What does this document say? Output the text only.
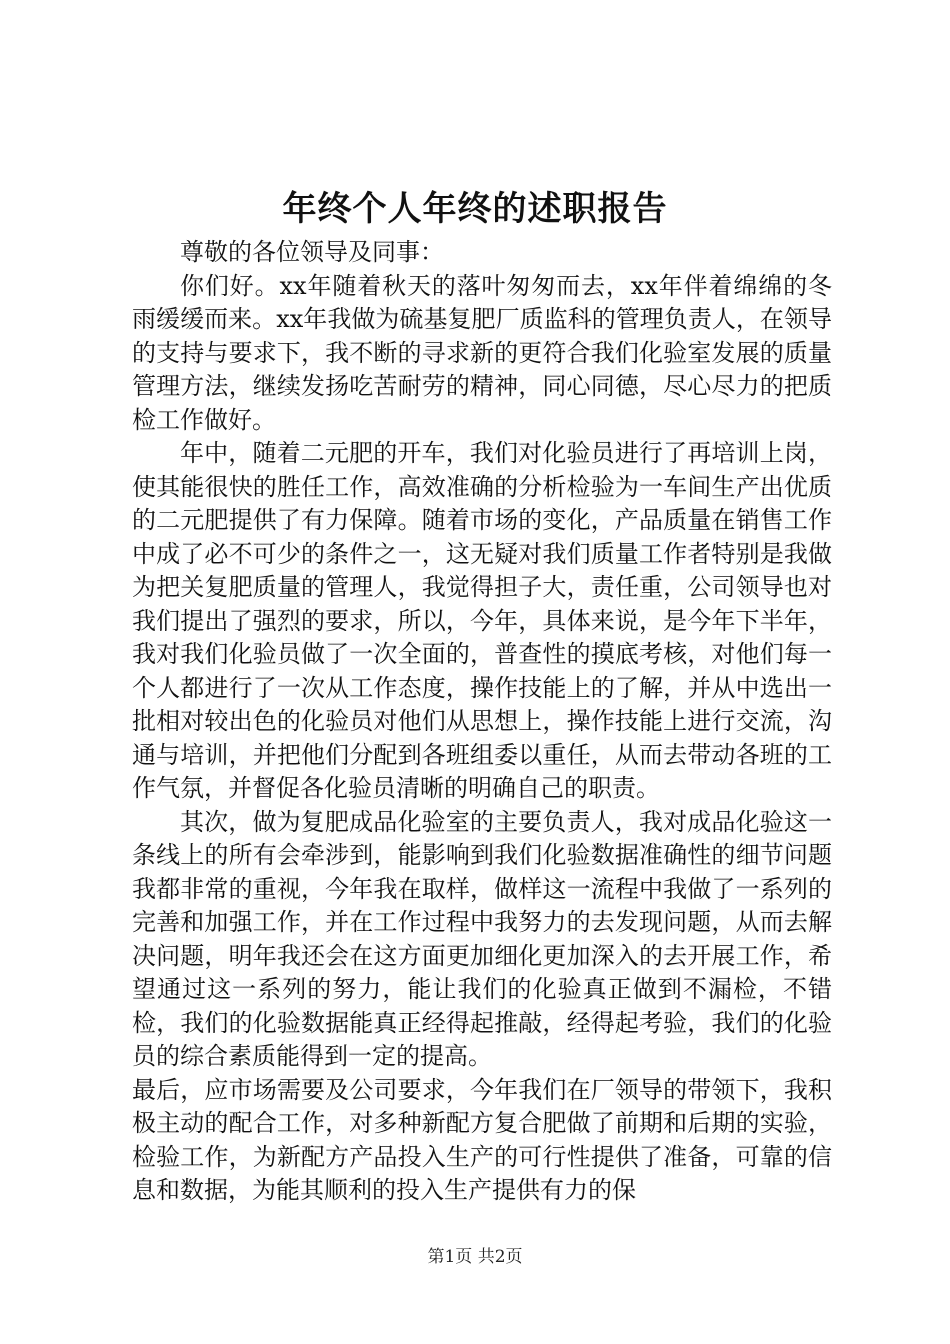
年终个人年终的述职报告

尊敬的各位领导及同事：

你们好。xx年随着秋天的落叶匆匆而去，xx年伴着绵绵的冬雨缓缓而来。xx年我做为硫基复肥厂质监科的管理负责人，在领导的支持与要求下，我不断的寻求新的更符合我们化验室发展的质量管理方法，继续发扬吃苦耐劳的精神，同心同德，尽心尽力的把质检工作做好。

年中，随着二元肥的开车，我们对化验员进行了再培训上岗，使其能很快的胜任工作，高效准确的分析检验为一车间生产出优质的二元肥提供了有力保障。随着市场的变化，产品质量在销售工作中成了必不可少的条件之一，这无疑对我们质量工作者特别是我做为把关复肥质量的管理人，我觉得担子大，责任重，公司领导也对我们提出了强烈的要求，所以，今年，具体来说，是今年下半年，我对我们化验员做了一次全面的，普查性的摸底考核，对他们每一个人都进行了一次从工作态度，操作技能上的了解，并从中选出一批相对较出色的化验员对他们从思想上，操作技能上进行交流，沟通与培训，并把他们分配到各班组委以重任，从而去带动各班的工作气氛，并督促各化验员清晰的明确自己的职责。

其次，做为复肥成品化验室的主要负责人，我对成品化验这一条线上的所有会牵涉到，能影响到我们化验数据准确性的细节问题我都非常的重视，今年我在取样，做样这一流程中我做了一系列的完善和加强工作，并在工作过程中我努力的去发现问题，从而去解决问题，明年我还会在这方面更加细化更加深入的去开展工作，希望通过这一系列的努力，能让我们的化验真正做到不漏检，不错检，我们的化验数据能真正经得起推敲，经得起考验，我们的化验员的综合素质能得到一定的提高。

最后，应市场需要及公司要求，今年我们在厂领导的带领下，我积极主动的配合工作，对多种新配方复合肥做了前期和后期的实验，检验工作，为新配方产品投入生产的可行性提供了准备，可靠的信息和数据，为能其顺利的投入生产提供有力的保

第1页 共2页
